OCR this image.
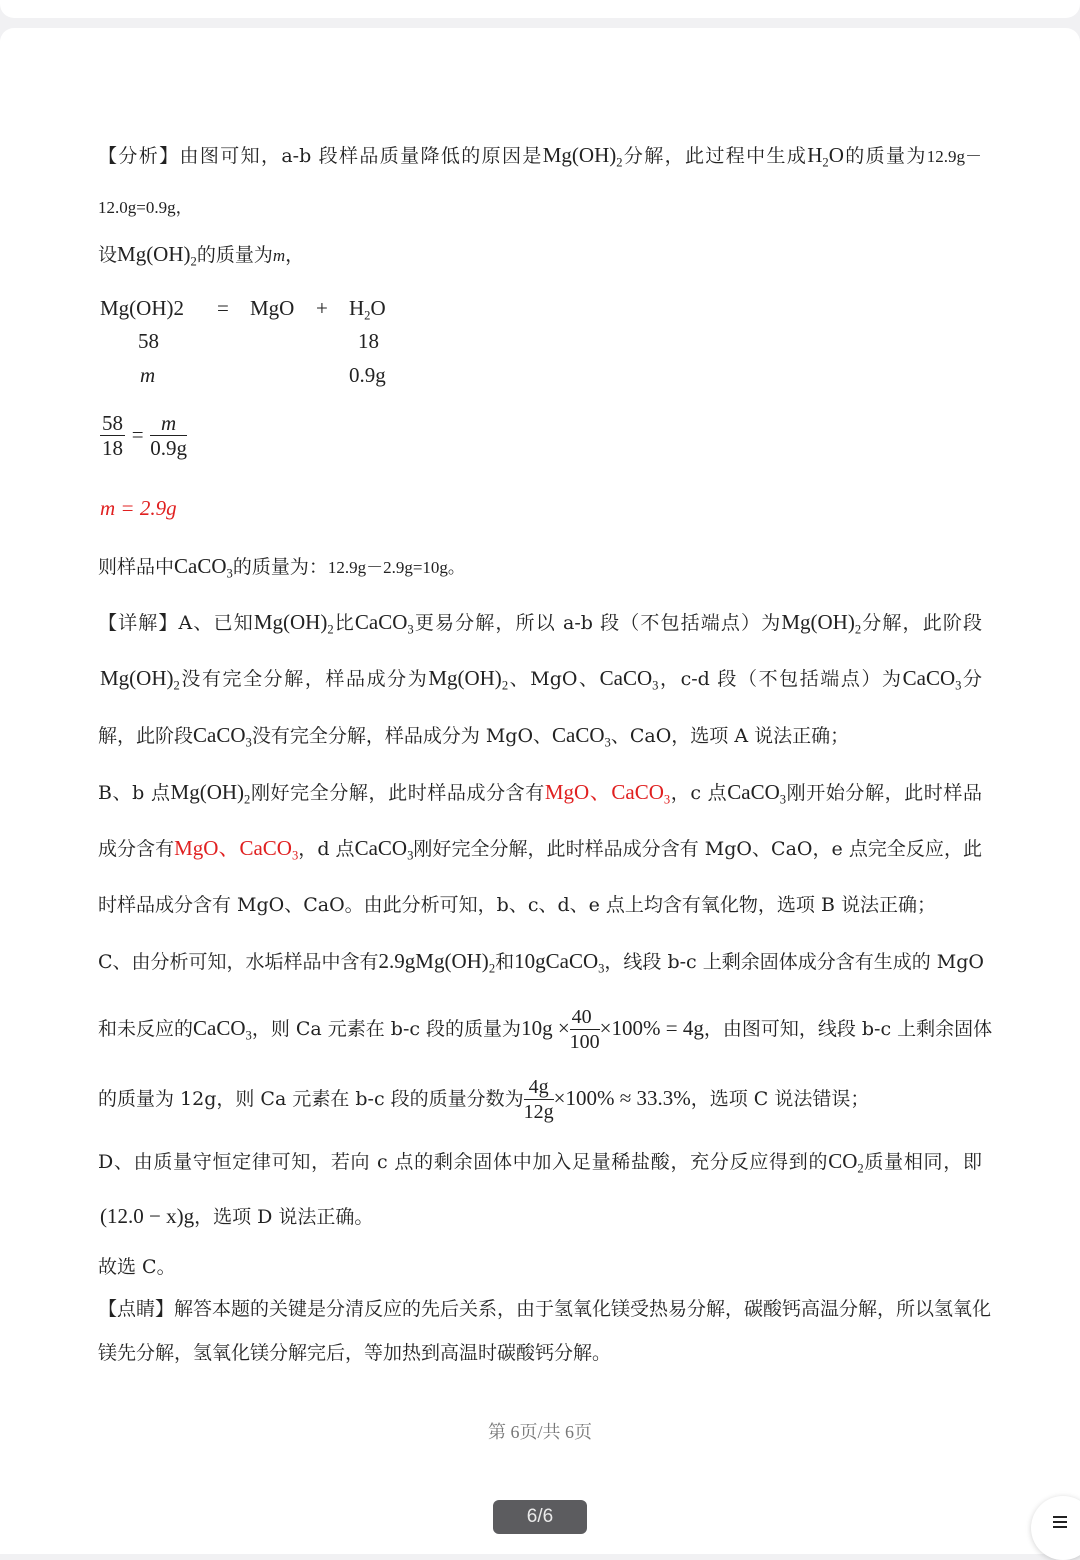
【分析】由图可知，a-b 段样品质量降低的原因是$Mg(OH)_2$分解，此过程中生成$H_2O$的质量为12.9g－
12.0g=0.9g，
设$Mg(OH)_2$的质量为m，
Mg(OH)2 = MgO + $H_2O$
58	18
m	0.9g
$\frac{58}{18} = \frac{m}{0.9g}$
m = 2.9g
则样品中CaCO$_3$的质量为：12.9g－2.9g=10g。
【详解】A、已知$Mg(OH)_2$比CaCO$_3$更易分解，所以 a-b 段（不包括端点）为$Mg(OH)_2$分解，此阶段
$Mg(OH)_2$没有完全分解，样品成分为$Mg(OH)_2$、MgO、CaCO$_3$，c-d 段（不包括端点）为CaCO$_3$分
解，此阶段CaCO$_3$没有完全分解，样品成分为 MgO、CaCO$_3$、CaO，选项 A 说法正确；
B、b 点$Mg(OH)_2$刚好完全分解，此时样品成分含有MgO、CaCO$_3$，c 点CaCO$_3$刚开始分解，此时样品
成分含有MgO、CaCO$_3$，d 点CaCO$_3$刚好完全分解，此时样品成分含有 MgO、CaO，e 点完全反应，此
时样品成分含有 MgO、CaO。由此分析可知，b、c、d、e 点上均含有氧化物，选项 B 说法正确；
C、由分析可知，水垢样品中含有$2.9gMg(OH)_2$和10gCaCO$_3$，线段 b-c 上剩余固体成分含有生成的 MgO
和未反应的CaCO$_3$，则 Ca 元素在 b-c 段的质量为$10g \times \frac{40}{100} \times 100\% = 4g$，由图可知，线段 b-c 上剩余固体
的质量为 12g，则 Ca 元素在 b-c 段的质量分数为 $\frac{4g}{12g} \times 100\% \approx 33.3\%$，选项 C 说法错误；
D、由质量守恒定律可知，若向 c 点的剩余固体中加入足量稀盐酸，充分反应得到的$CO_2$质量相同，即
(12.0 − x)g，选项 D 说法正确。
故选 C。
【点睛】解答本题的关键是分清反应的先后关系，由于氢氧化镁受热易分解，碳酸钙高温分解，所以氢氧化
镁先分解，氢氧化镁分解完后，等加热到高温时碳酸钙分解。
第 6页/共 6页
6/6
